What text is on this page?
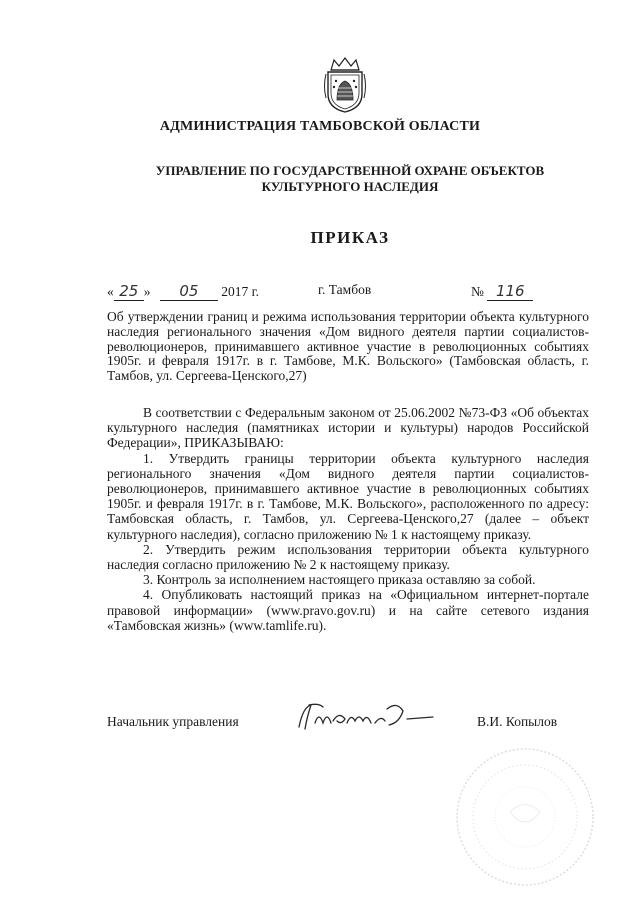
АДМИНИСТРАЦИЯ ТАМБОВСКОЙ ОБЛАСТИ
УПРАВЛЕНИЕ ПО ГОСУДАРСТВЕННОЙ ОХРАНЕ ОБЪЕКТОВ
КУЛЬТУРНОГО НАСЛЕДИЯ
ПРИКАЗ
« 25 » 05 2017 г.	г. Тамбов	№ 116
Об утверждении границ и режима использования территории объекта культурного наследия регионального значения «Дом видного деятеля партии социалистов-революционеров, принимавшего активное участие в революционных событиях 1905г. и февраля 1917г. в г. Тамбове, М.К. Вольского» (Тамбовская область, г. Тамбов, ул. Сергеева-Ценского,27)

В соответствии с Федеральным законом от 25.06.2002 №73-ФЗ «Об объектах культурного наследия (памятниках истории и культуры) народов Российской Федерации», ПРИКАЗЫВАЮ:

1. Утвердить границы территории объекта культурного наследия регионального значения «Дом видного деятеля партии социалистов-революционеров, принимавшего активное участие в революционных событиях 1905г. и февраля 1917г. в г. Тамбове, М.К. Вольского», расположенного по адресу: Тамбовская область, г. Тамбов, ул. Сергеева-Ценского,27 (далее – объект культурного наследия), согласно приложению № 1 к настоящему приказу.

2. Утвердить режим использования территории объекта культурного наследия согласно приложению № 2 к настоящему приказу.

3. Контроль за исполнением настоящего приказа оставляю за собой.

4. Опубликовать настоящий приказ на «Официальном интернет-портале правовой информации» (www.pravo.gov.ru) и на сайте сетевого издания «Тамбовская жизнь» (www.tamlife.ru).

Начальник управления	В.И. Копылов
